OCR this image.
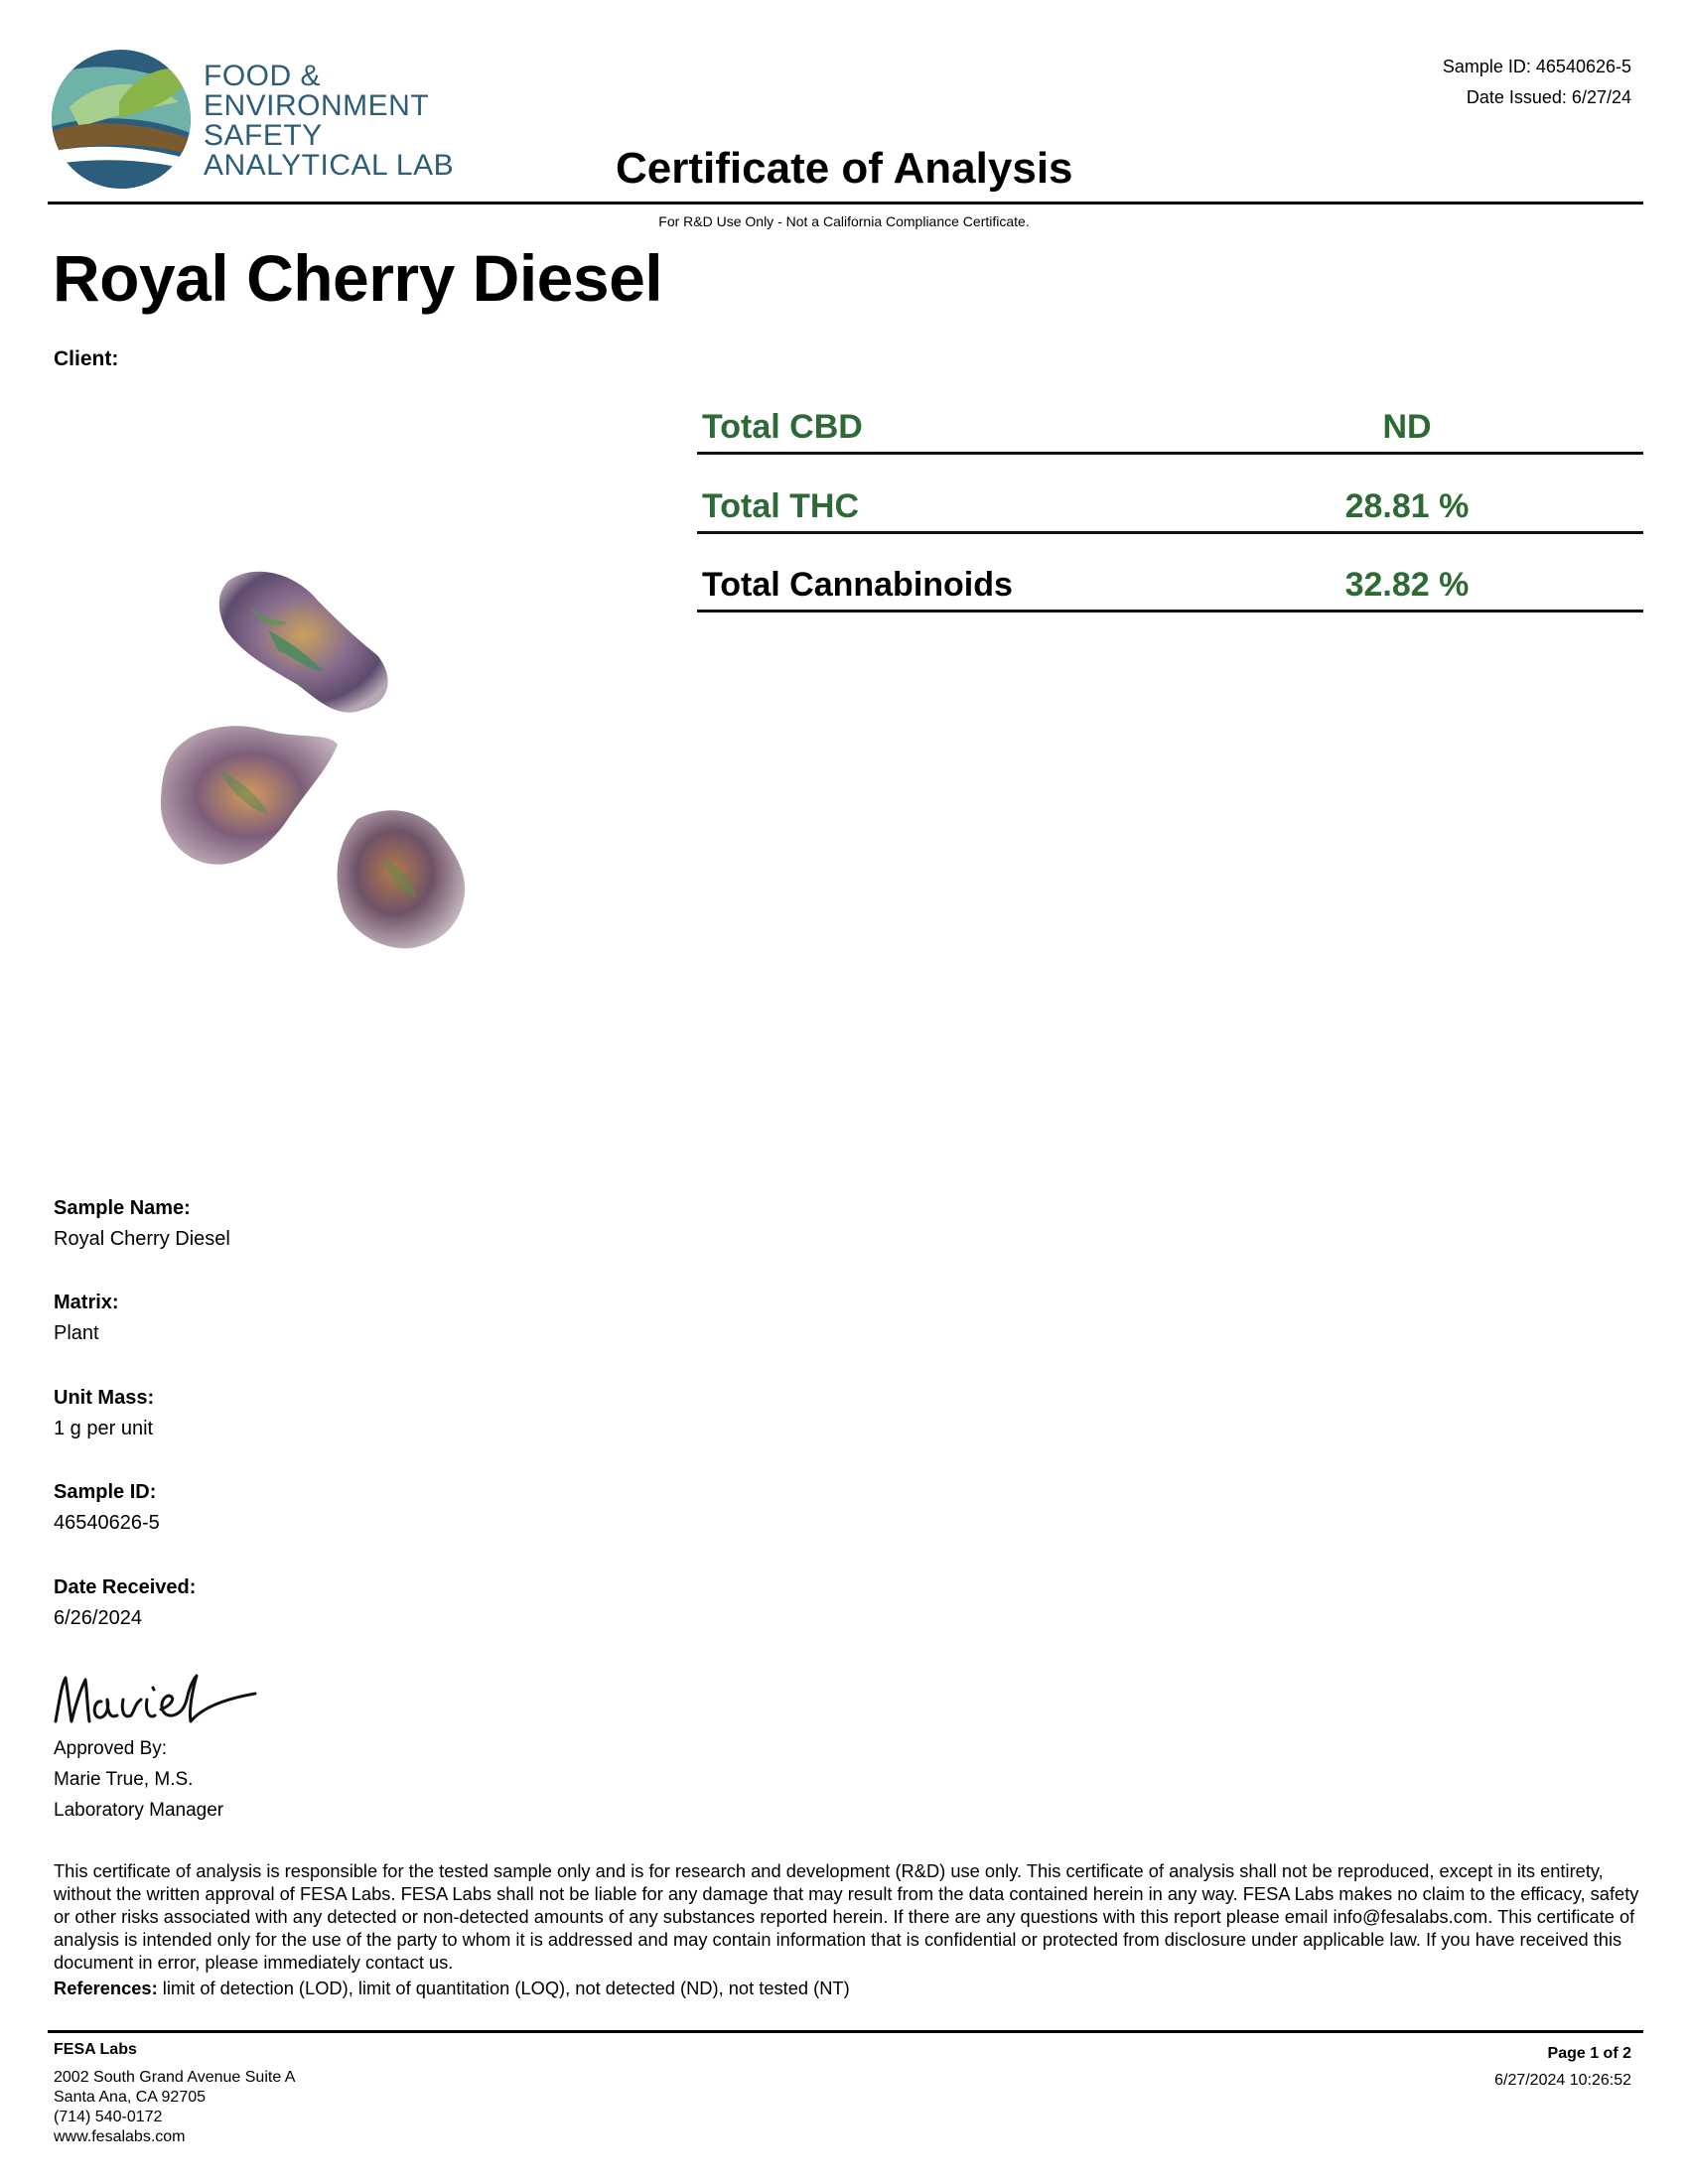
FOOD &
ENVIRONMENT
SAFETY
ANALYTICAL LAB
Sample ID: 46540626-5
Date Issued: 6/27/24
Certificate of Analysis
For R&D Use Only - Not a California Compliance Certificate.
Royal Cherry Diesel
Client:
Total CBD	ND
Total THC	28.81 %
Total Cannabinoids	32.82 %
Sample Name:
Royal Cherry Diesel
Matrix:
Plant
Unit Mass:
1 g per unit
Sample ID:
46540626-5
Date Received:
6/26/2024
Approved By:
Marie True, M.S.
Laboratory Manager
This certificate of analysis is responsible for the tested sample only and is for research and development (R&D) use only. This certificate of analysis shall not be reproduced, except in its entirety, without the written approval of FESA Labs. FESA Labs shall not be liable for any damage that may result from the data contained herein in any way. FESA Labs makes no claim to the efficacy, safety or other risks associated with any detected or non-detected amounts of any substances reported herein. If there are any questions with this report please email info@fesalabs.com. This certificate of analysis is intended only for the use of the party to whom it is addressed and may contain information that is confidential or protected from disclosure under applicable law. If you have received this document in error, please immediately contact us.
References: limit of detection (LOD), limit of quantitation (LOQ), not detected (ND), not tested (NT)
FESA Labs
2002 South Grand Avenue Suite A
Santa Ana, CA 92705
(714) 540-0172
www.fesalabs.com
Page 1 of 2
6/27/2024 10:26:52
